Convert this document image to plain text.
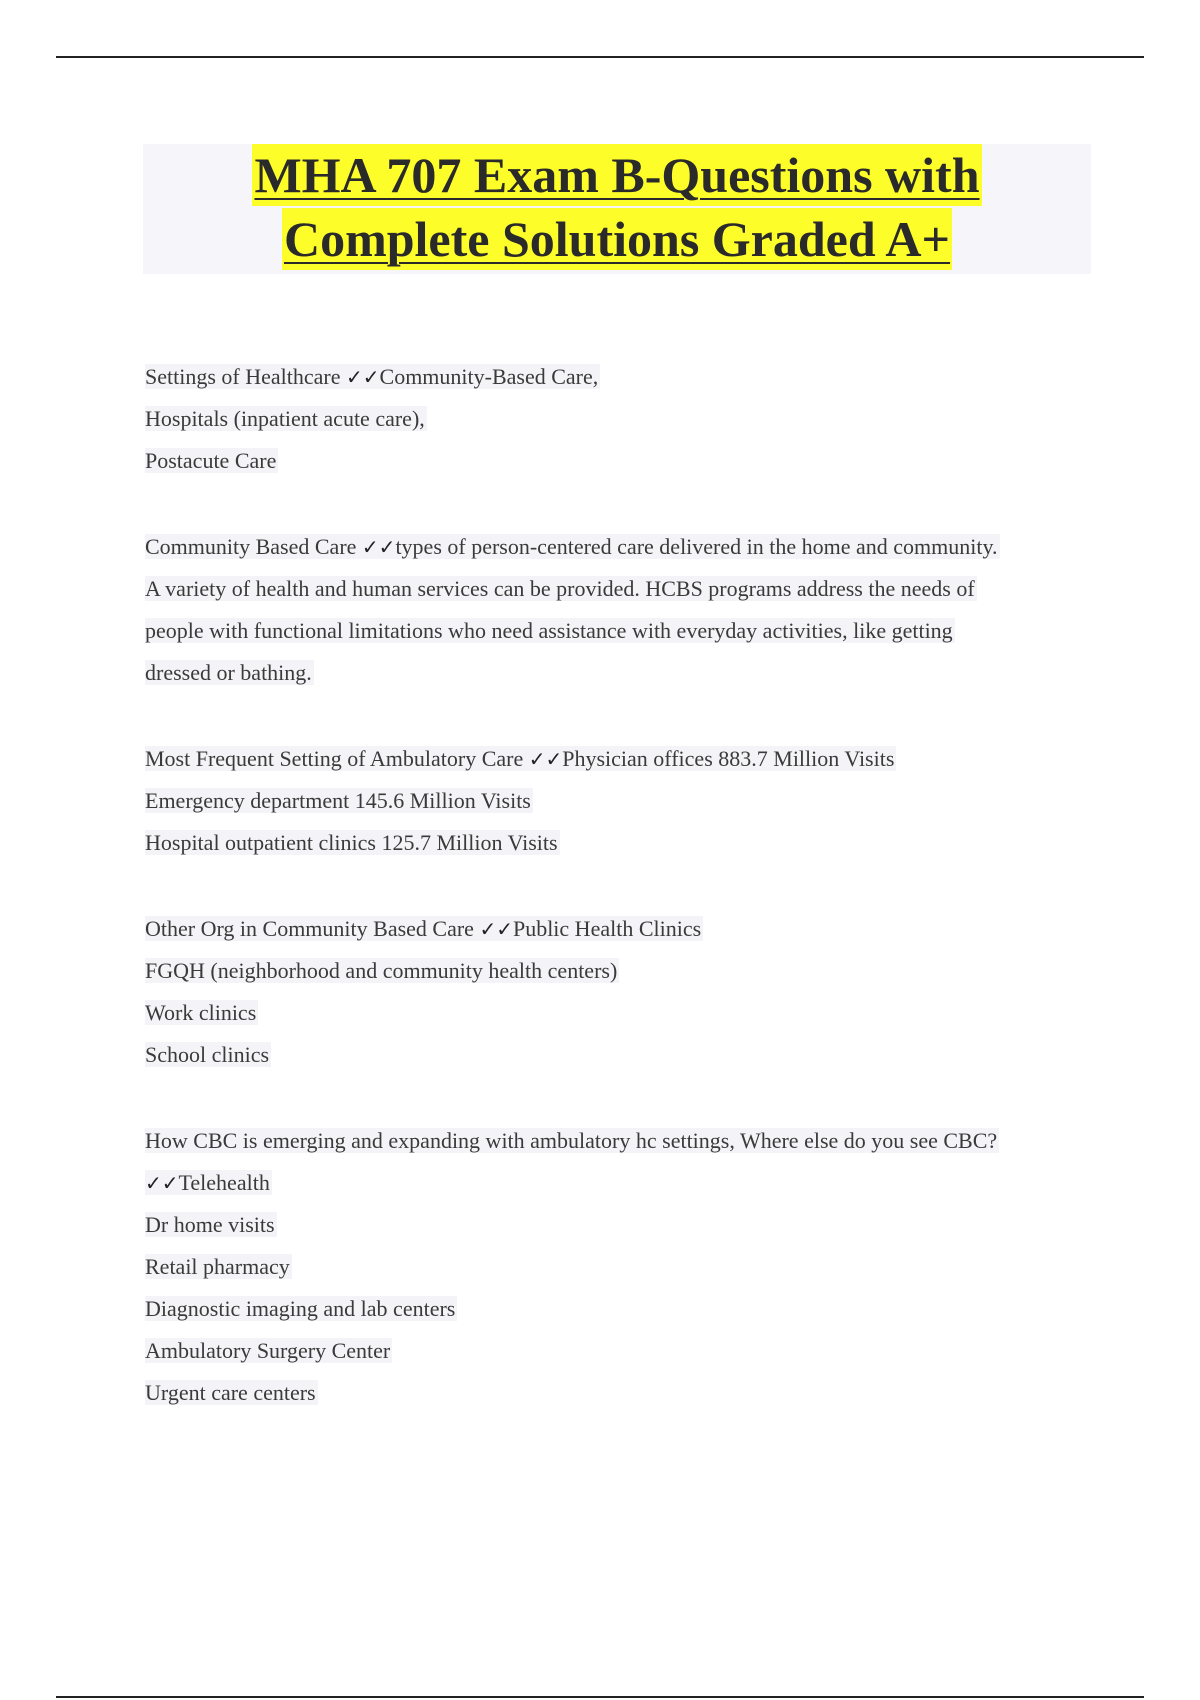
MHA 707 Exam B-Questions with
Complete Solutions Graded A+
Settings of Healthcare ✓✓Community-Based Care,
Hospitals (inpatient acute care),
Postacute Care
Community Based Care ✓✓types of person-centered care delivered in the home and community.
A variety of health and human services can be provided. HCBS programs address the needs of
people with functional limitations who need assistance with everyday activities, like getting
dressed or bathing.
Most Frequent Setting of Ambulatory Care ✓✓Physician offices 883.7 Million Visits
Emergency department 145.6 Million Visits
Hospital outpatient clinics 125.7 Million Visits
Other Org in Community Based Care ✓✓Public Health Clinics
FGQH (neighborhood and community health centers)
Work clinics
School clinics
How CBC is emerging and expanding with ambulatory hc settings, Where else do you see CBC?
✓✓Telehealth
Dr home visits
Retail pharmacy
Diagnostic imaging and lab centers
Ambulatory Surgery Center
Urgent care centers
